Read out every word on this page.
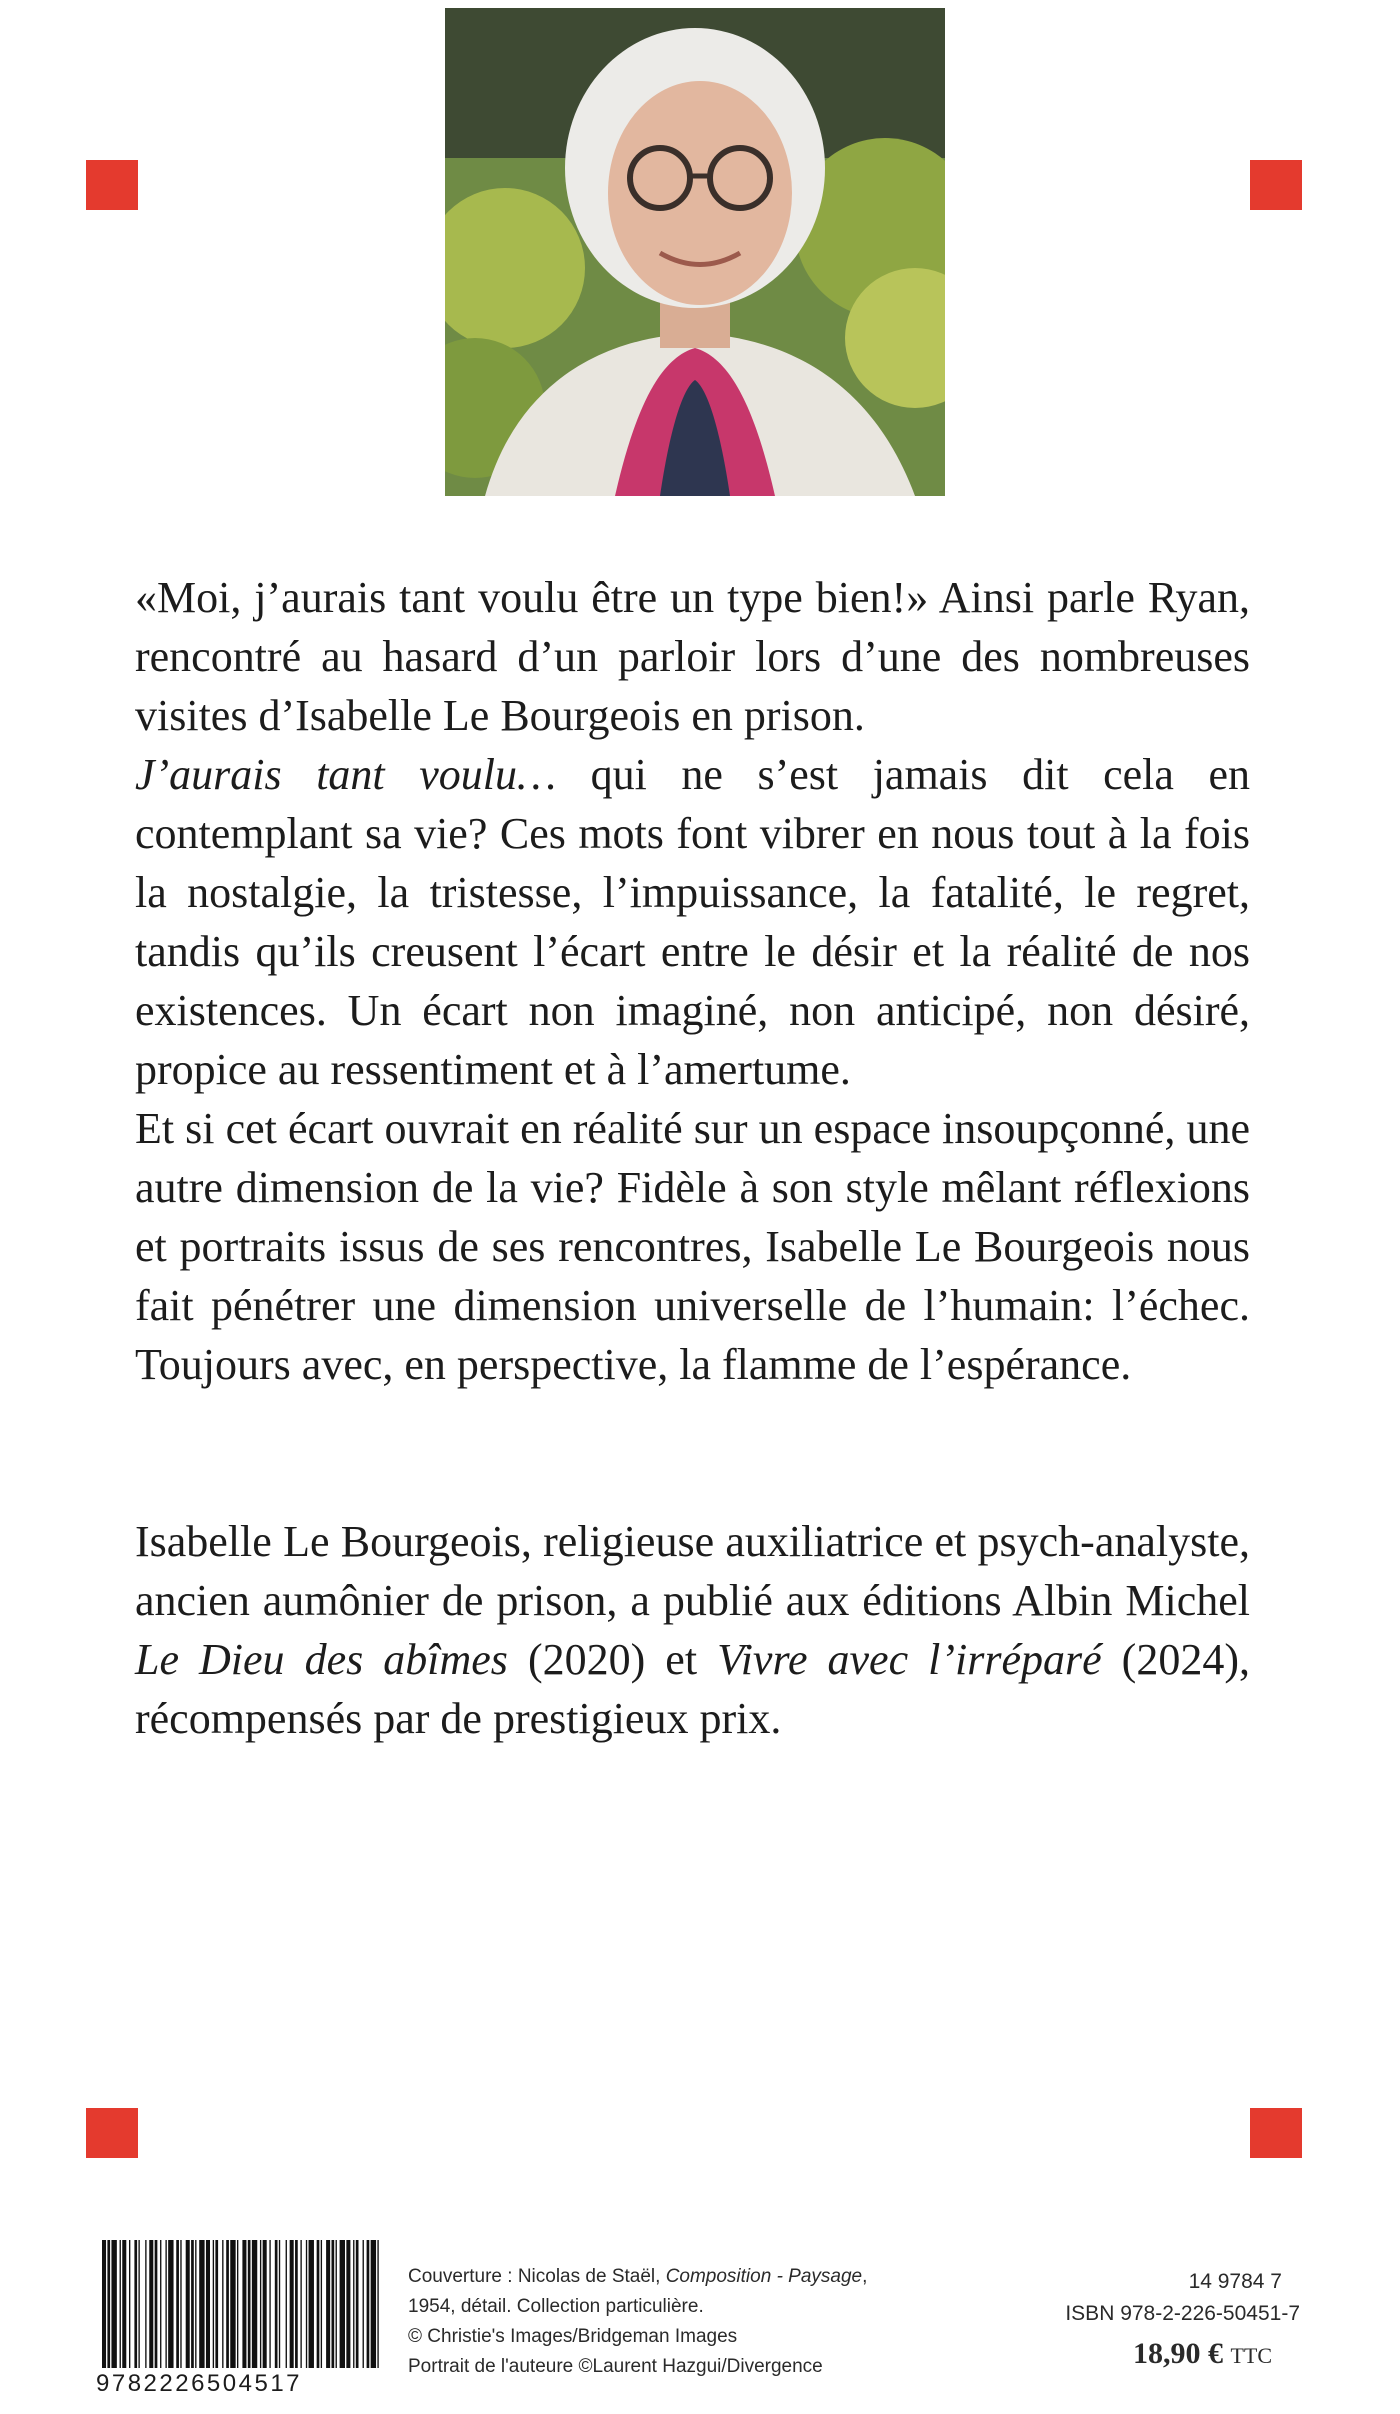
«Moi, j’aurais tant voulu être un type bien!» Ainsi parle Ryan, rencontré au hasard d’un parloir lors d’une des nombreuses visites d’Isabelle Le Bourgeois en prison.

J’aurais tant voulu… qui ne s’est jamais dit cela en contemplant sa vie? Ces mots font vibrer en nous tout à la fois la nostalgie, la tristesse, l’impuissance, la fatalité, le regret, tandis qu’ils creusent l’écart entre le désir et la réalité de nos existences. Un écart non imaginé, non anticipé, non désiré, propice au ressentiment et à l’amertume.

Et si cet écart ouvrait en réalité sur un espace insoupçonné, une autre dimension de la vie? Fidèle à son style mêlant réflexions et portraits issus de ses rencontres, Isabelle Le Bourgeois nous fait pénétrer une dimension universelle de l’humain: l’échec. Toujours avec, en perspective, la flamme de l’espérance.

Isabelle Le Bourgeois, religieuse auxiliatrice et psych-analyste, ancien aumônier de prison, a publié aux éditions Albin Michel Le Dieu des abîmes (2020) et Vivre avec l’irréparé (2024), récompensés par de prestigieux prix.

9782226504517
Couverture : Nicolas de Staël, Composition - Paysage,
1954, détail. Collection particulière.
© Christie's Images/Bridgeman Images
Portrait de l'auteure ©Laurent Hazgui/Divergence
14 9784 7
ISBN 978-2-226-50451-7
18,90 € TTC
